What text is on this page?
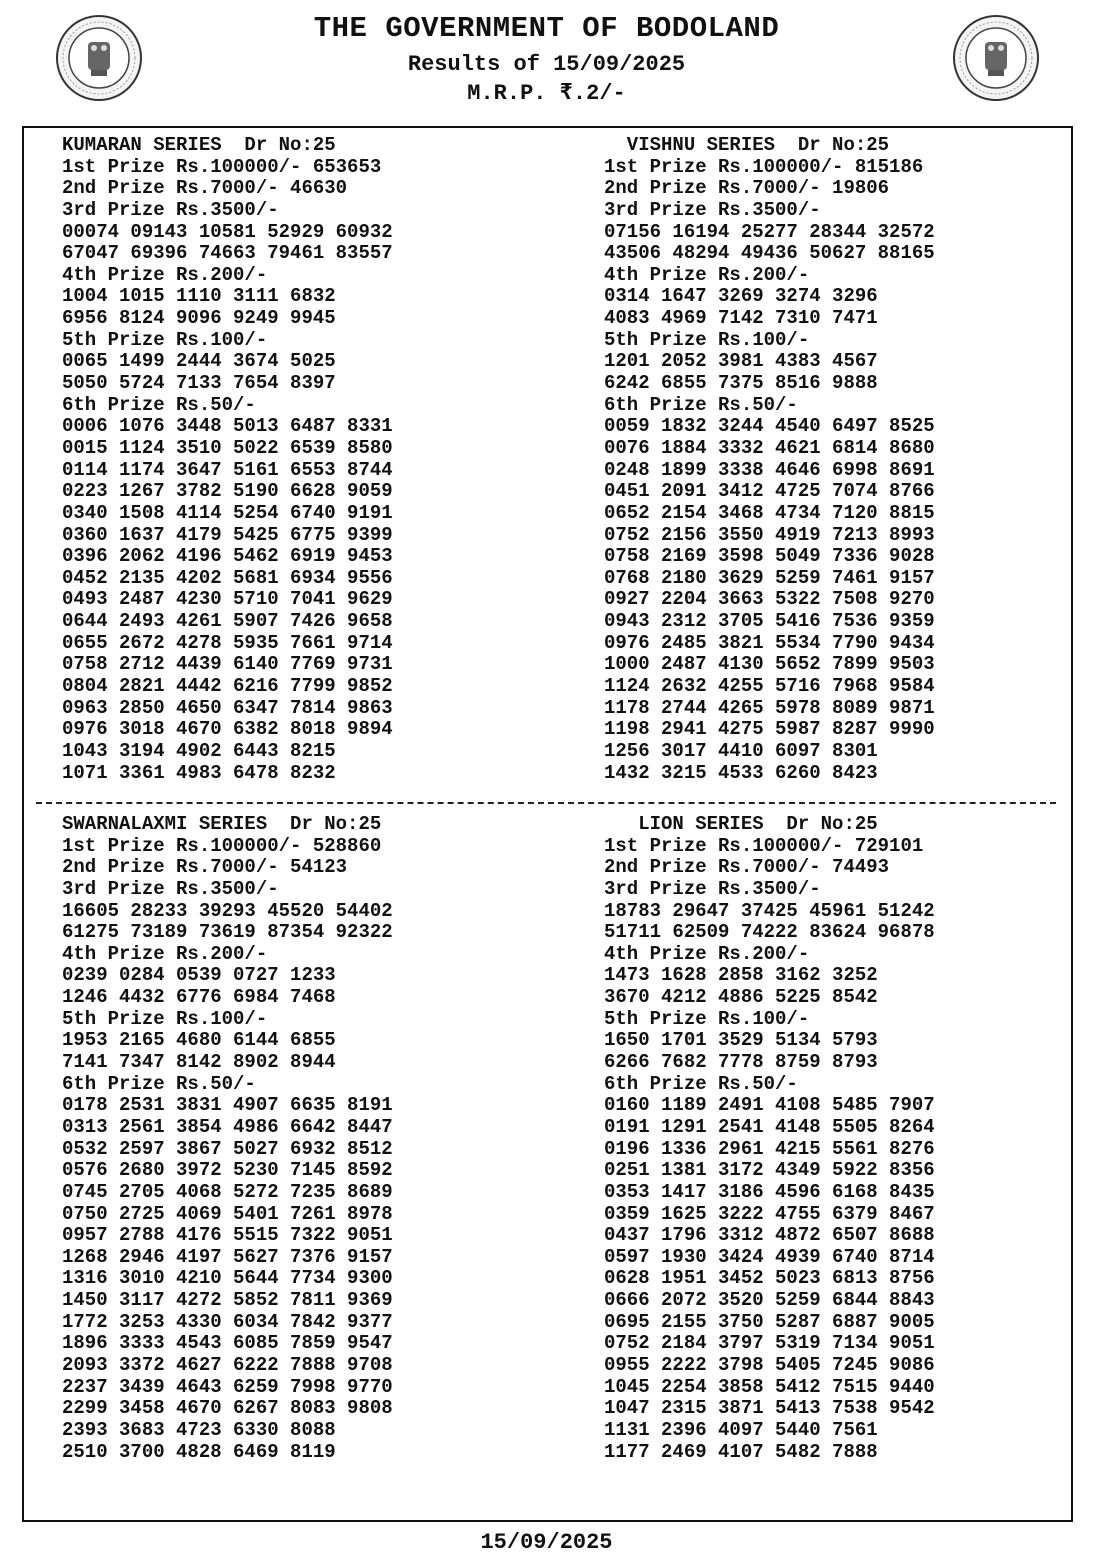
THE GOVERNMENT OF BODOLAND
Results of 15/09/2025
M.R.P. ₹.2/-
KUMARAN SERIES  Dr No:25
1st Prize Rs.100000/- 653653
2nd Prize Rs.7000/- 46630
3rd Prize Rs.3500/-
00074 09143 10581 52929 60932
67047 69396 74663 79461 83557
4th Prize Rs.200/-
1004 1015 1110 3111 6832
6956 8124 9096 9249 9945
5th Prize Rs.100/-
0065 1499 2444 3674 5025
5050 5724 7133 7654 8397
6th Prize Rs.50/-
0006 1076 3448 5013 6487 8331
0015 1124 3510 5022 6539 8580
0114 1174 3647 5161 6553 8744
0223 1267 3782 5190 6628 9059
0340 1508 4114 5254 6740 9191
0360 1637 4179 5425 6775 9399
0396 2062 4196 5462 6919 9453
0452 2135 4202 5681 6934 9556
0493 2487 4230 5710 7041 9629
0644 2493 4261 5907 7426 9658
0655 2672 4278 5935 7661 9714
0758 2712 4439 6140 7769 9731
0804 2821 4442 6216 7799 9852
0963 2850 4650 6347 7814 9863
0976 3018 4670 6382 8018 9894
1043 3194 4902 6443 8215
1071 3361 4983 6478 8232
VISHNU SERIES  Dr No:25
1st Prize Rs.100000/- 815186
2nd Prize Rs.7000/- 19806
3rd Prize Rs.3500/-
07156 16194 25277 28344 32572
43506 48294 49436 50627 88165
4th Prize Rs.200/-
0314 1647 3269 3274 3296
4083 4969 7142 7310 7471
5th Prize Rs.100/-
1201 2052 3981 4383 4567
6242 6855 7375 8516 9888
6th Prize Rs.50/-
0059 1832 3244 4540 6497 8525
0076 1884 3332 4621 6814 8680
0248 1899 3338 4646 6998 8691
0451 2091 3412 4725 7074 8766
0652 2154 3468 4734 7120 8815
0752 2156 3550 4919 7213 8993
0758 2169 3598 5049 7336 9028
0768 2180 3629 5259 7461 9157
0927 2204 3663 5322 7508 9270
0943 2312 3705 5416 7536 9359
0976 2485 3821 5534 7790 9434
1000 2487 4130 5652 7899 9503
1124 2632 4255 5716 7968 9584
1178 2744 4265 5978 8089 9871
1198 2941 4275 5987 8287 9990
1256 3017 4410 6097 8301
1432 3215 4533 6260 8423
SWARNALAXMI SERIES  Dr No:25
1st Prize Rs.100000/- 528860
2nd Prize Rs.7000/- 54123
3rd Prize Rs.3500/-
16605 28233 39293 45520 54402
61275 73189 73619 87354 92322
4th Prize Rs.200/-
0239 0284 0539 0727 1233
1246 4432 6776 6984 7468
5th Prize Rs.100/-
1953 2165 4680 6144 6855
7141 7347 8142 8902 8944
6th Prize Rs.50/-
0178 2531 3831 4907 6635 8191
0313 2561 3854 4986 6642 8447
0532 2597 3867 5027 6932 8512
0576 2680 3972 5230 7145 8592
0745 2705 4068 5272 7235 8689
0750 2725 4069 5401 7261 8978
0957 2788 4176 5515 7322 9051
1268 2946 4197 5627 7376 9157
1316 3010 4210 5644 7734 9300
1450 3117 4272 5852 7811 9369
1772 3253 4330 6034 7842 9377
1896 3333 4543 6085 7859 9547
2093 3372 4627 6222 7888 9708
2237 3439 4643 6259 7998 9770
2299 3458 4670 6267 8083 9808
2393 3683 4723 6330 8088
2510 3700 4828 6469 8119
LION SERIES  Dr No:25
1st Prize Rs.100000/- 729101
2nd Prize Rs.7000/- 74493
3rd Prize Rs.3500/-
18783 29647 37425 45961 51242
51711 62509 74222 83624 96878
4th Prize Rs.200/-
1473 1628 2858 3162 3252
3670 4212 4886 5225 8542
5th Prize Rs.100/-
1650 1701 3529 5134 5793
6266 7682 7778 8759 8793
6th Prize Rs.50/-
0160 1189 2491 4108 5485 7907
0191 1291 2541 4148 5505 8264
0196 1336 2961 4215 5561 8276
0251 1381 3172 4349 5922 8356
0353 1417 3186 4596 6168 8435
0359 1625 3222 4755 6379 8467
0437 1796 3312 4872 6507 8688
0597 1930 3424 4939 6740 8714
0628 1951 3452 5023 6813 8756
0666 2072 3520 5259 6844 8843
0695 2155 3750 5287 6887 9005
0752 2184 3797 5319 7134 9051
0955 2222 3798 5405 7245 9086
1045 2254 3858 5412 7515 9440
1047 2315 3871 5413 7538 9542
1131 2396 4097 5440 7561
1177 2469 4107 5482 7888
15/09/2025
